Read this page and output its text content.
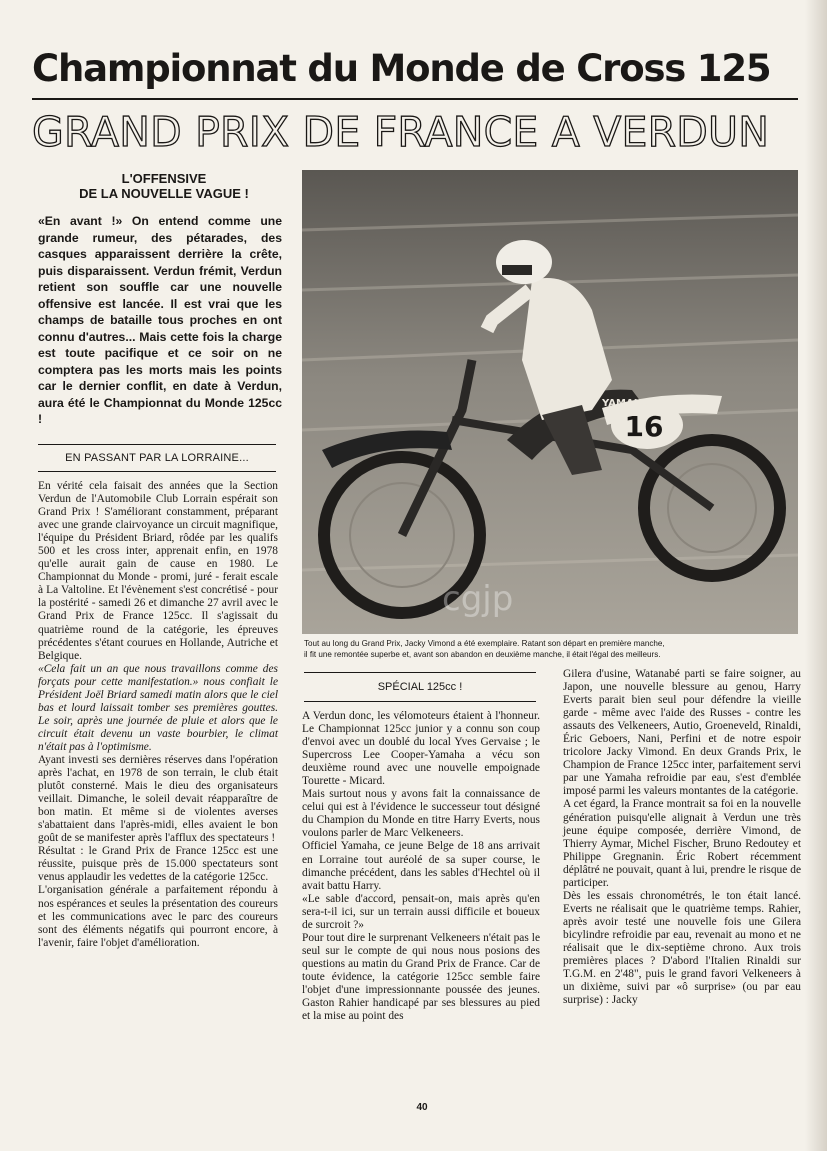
Championnat du Monde de Cross 125
GRAND PRIX DE FRANCE A VERDUN
L'OFFENSIVE
DE LA NOUVELLE VAGUE !
«En avant !» On entend comme une grande rumeur, des pétarades, des casques apparaissent derrière la crête, puis disparaissent. Verdun frémit, Verdun retient son souffle car une nouvelle offensive est lancée. Il est vrai que les champs de bataille tous proches en ont connu d'autres... Mais cette fois la charge est toute pacifique et ce soir on ne comptera pas les morts mais les points car le dernier conflit, en date à Verdun, aura été le Championnat du Monde 125cc !
EN PASSANT PAR LA LORRAINE...

En vérité cela faisait des années que la Section Verdun de l'Automobile Club Lorrain espérait son Grand Prix ! S'améliorant constamment, préparant avec une grande clairvoyance un circuit magnifique, l'équipe du Président Briard, rôdée par les qualifs 500 et les cross inter, apprenait enfin, en 1978 qu'elle aurait gain de cause en 1980. Le Championnat du Monde - promi, juré - ferait escale à La Valtoline. Et l'évènement s'est concrétisé - pour la postérité - samedi 26 et dimanche 27 avril avec le Grand Prix de France 125cc. Il s'agissait du quatrième round de la catégorie, les épreuves précédentes s'étant courues en Hollande, Autriche et Belgique.

«Cela fait un an que nous travaillons comme des forçats pour cette manifestation.» nous confiait le Président Joël Briard samedi matin alors que le ciel bas et lourd laissait tomber ses premières gouttes. Le soir, après une journée de pluie et alors que le circuit était devenu un vaste bourbier, le climat n'était pas à l'optimisme.

Ayant investi ses dernières réserves dans l'opération après l'achat, en 1978 de son terrain, le club était plutôt consterné. Mais le dieu des organisateurs veillait. Dimanche, le soleil devait réapparaître de bon matin. Et même si de violentes averses s'abattaient dans l'après-midi, elles avaient le bon goût de se manifester après l'afflux des spectateurs !

Résultat : le Grand Prix de France 125cc est une réussite, puisque près de 15.000 spectateurs sont venus applaudir les vedettes de la catégorie 125cc.

L'organisation générale a parfaitement répondu à nos espérances et seules la présentation des coureurs et les communications avec le parc des coureurs sont des éléments négatifs qui pourront encore, à l'avenir, faire l'objet d'amélioration.

16
YAMAHA
cgjp
Tout au long du Grand Prix, Jacky Vimond a été exemplaire. Ratant son départ en première manche,
il fit une remontée superbe et, avant son abandon en deuxième manche, il était l'égal des meilleurs.
SPÉCIAL 125cc !

A Verdun donc, les vélomoteurs étaient à l'honneur. Le Championnat 125cc junior y a connu son coup d'envoi avec un doublé du local Yves Gervaise ; le Supercross Lee Cooper-Yamaha a vécu son deuxième round avec une nouvelle empoignade Tourette - Micard.

Mais surtout nous y avons fait la connaissance de celui qui est à l'évidence le successeur tout désigné du Champion du Monde en titre Harry Everts, nous voulons parler de Marc Velkeneers.

Officiel Yamaha, ce jeune Belge de 18 ans arrivait en Lorraine tout auréolé de sa super course, le dimanche précédent, dans les sables d'Hechtel où il avait battu Harry.

«Le sable d'accord, pensait-on, mais après qu'en sera-t-il ici, sur un terrain aussi difficile et boueux de surcroit ?»

Pour tout dire le surprenant Velkeneers n'était pas le seul sur le compte de qui nous nous posions des questions au matin du Grand Prix de France. Car de toute évidence, la catégorie 125cc semble faire l'objet d'une impressionnante poussée des jeunes. Gaston Rahier handicapé par ses blessures au pied et la mise au point des

Gilera d'usine, Watanabé parti se faire soigner, au Japon, une nouvelle blessure au genou, Harry Everts parait bien seul pour défendre la vieille garde - même avec l'aide des Russes - contre les assauts des Velkeneers, Autio, Groeneveld, Rinaldi, Éric Geboers, Nani, Perfini et de notre espoir tricolore Jacky Vimond. En deux Grands Prix, le Champion de France 125cc inter, parfaitement servi par une Yamaha refroidie par eau, s'est d'emblée imposé parmi les valeurs montantes de la catégorie.

A cet égard, la France montrait sa foi en la nouvelle génération puisqu'elle alignait à Verdun une très jeune équipe composée, derrière Vimond, de Thierry Aymar, Michel Fischer, Bruno Redoutey et Philippe Gregnanin. Éric Robert récemment déplâtré ne pouvait, quant à lui, prendre le risque de participer.

Dès les essais chronométrés, le ton était lancé. Everts ne réalisait que le quatrième temps. Rahier, après avoir testé une nouvelle fois une Gilera bicylindre refroidie par eau, revenait au mono et ne réalisait que le dix-septième chrono. Aux trois premières places ? D'abord l'Italien Rinaldi sur T.G.M. en 2'48", puis le grand favori Velkeneers à un dixième, suivi par «ô surprise» (ou par eau surprise) : Jacky

40
